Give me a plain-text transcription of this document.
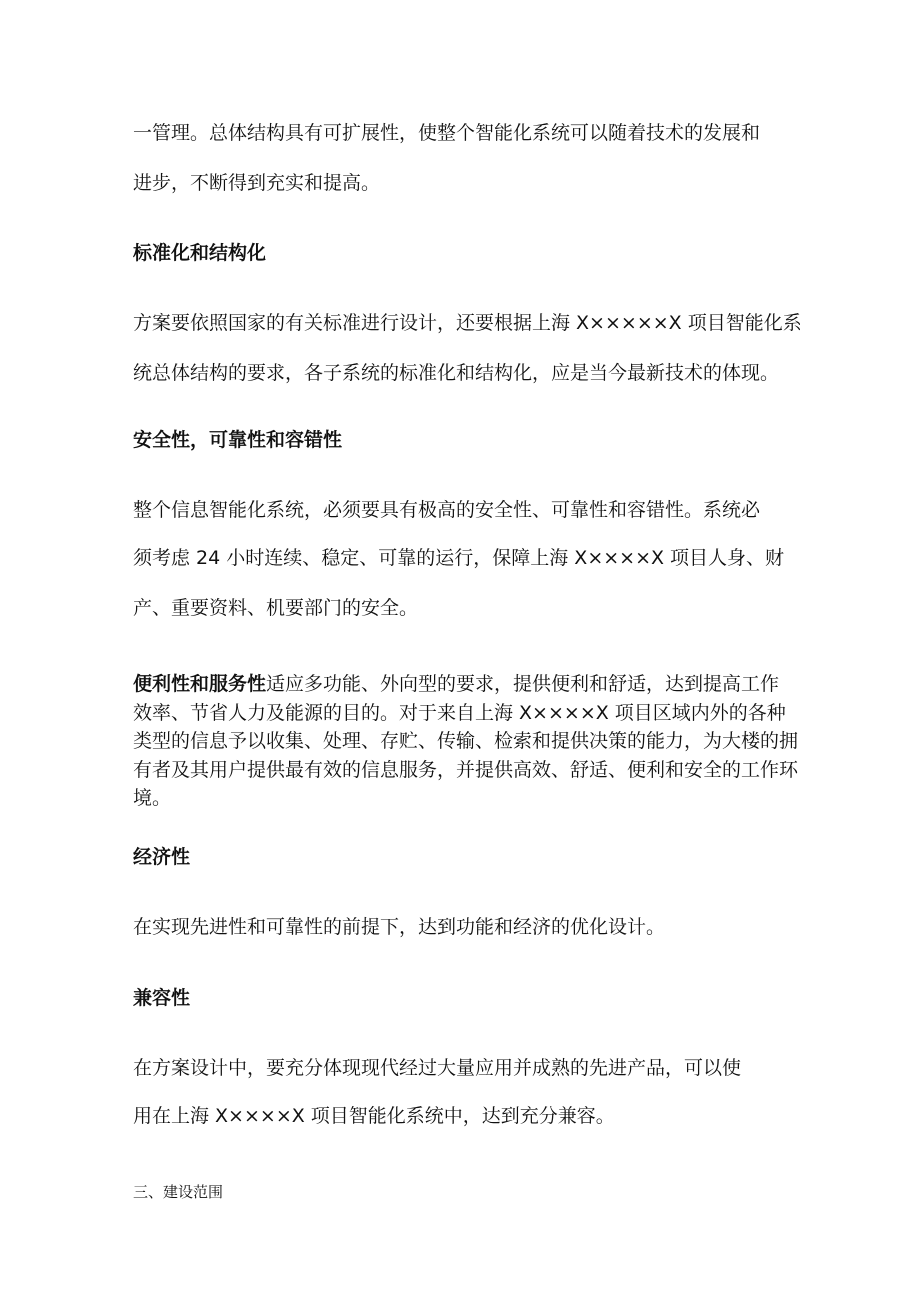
一管理。总体结构具有可扩展性，使整个智能化系统可以随着技术的发展和
进步，不断得到充实和提高。
标准化和结构化
方案要依照国家的有关标准进行设计，还要根据上海 X×××××X 项目智能化系
统总体结构的要求，各子系统的标准化和结构化，应是当今最新技术的体现。
安全性，可靠性和容错性
整个信息智能化系统，必须要具有极高的安全性、可靠性和容错性。系统必
须考虑 24 小时连续、稳定、可靠的运行，保障上海 X××××X 项目人身、财
产、重要资料、机要部门的安全。
便利性和服务性适应多功能、外向型的要求，提供便利和舒适，达到提高工作效率、节省人力及能源的目的。对于来自上海 X××××X 项目区域内外的各种类型的信息予以收集、处理、存贮、传输、检索和提供决策的能力，为大楼的拥有者及其用户提供最有效的信息服务，并提供高效、舒适、便利和安全的工作环境。
经济性
在实现先进性和可靠性的前提下，达到功能和经济的优化设计。
兼容性
在方案设计中，要充分体现现代经过大量应用并成熟的先进产品，可以使
用在上海 X××××X 项目智能化系统中，达到充分兼容。
三、建设范围
